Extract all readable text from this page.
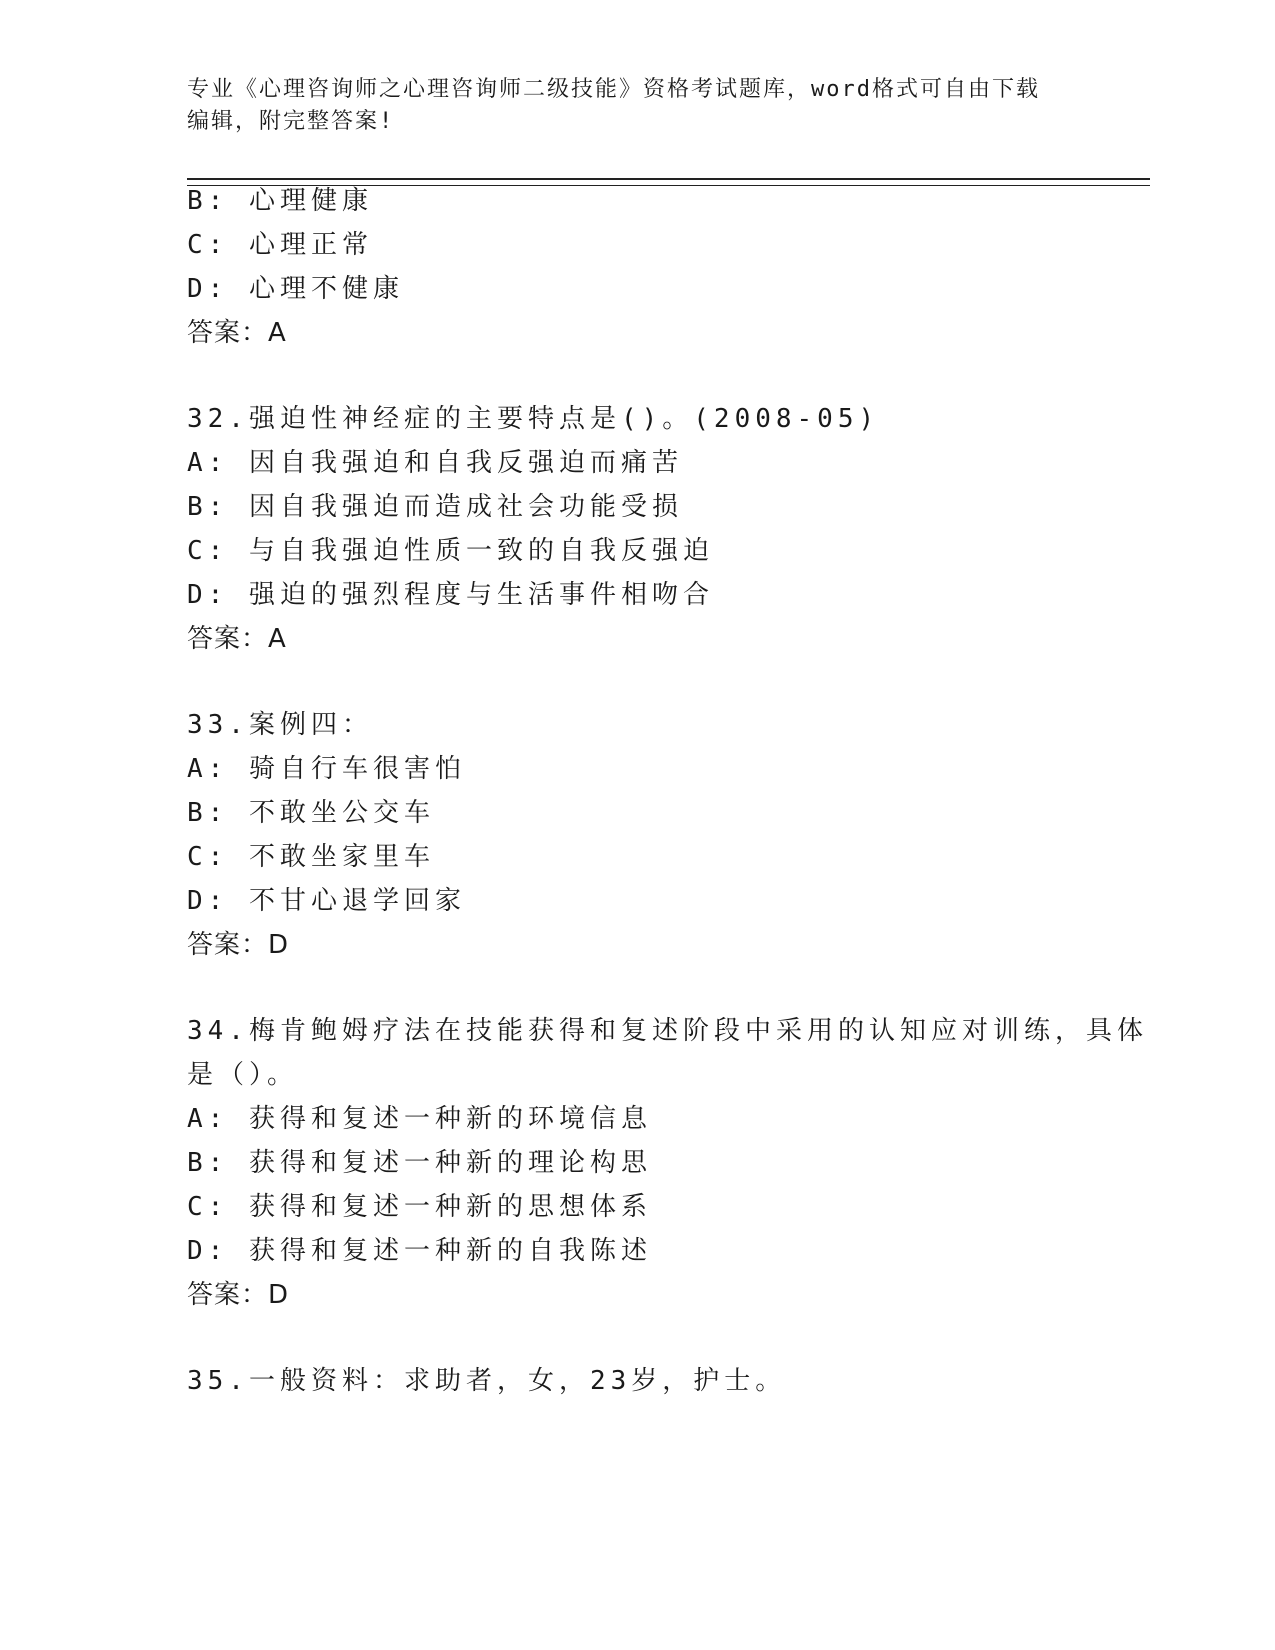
专业《心理咨询师之心理咨询师二级技能》资格考试题库，word格式可自由下载
编辑，附完整答案!
B: 心理健康
C: 心理正常
D: 心理不健康
答案：A
32.强迫性神经症的主要特点是()。(2008-05)
A: 因自我强迫和自我反强迫而痛苦
B: 因自我强迫而造成社会功能受损
C: 与自我强迫性质一致的自我反强迫
D: 强迫的强烈程度与生活事件相吻合
答案：A
33.案例四：
A: 骑自行车很害怕
B: 不敢坐公交车
C: 不敢坐家里车
D: 不甘心退学回家
答案：D
34.梅肯鲍姆疗法在技能获得和复述阶段中采用的认知应对训练，具体
是（）。
A: 获得和复述一种新的环境信息
B: 获得和复述一种新的理论构思
C: 获得和复述一种新的思想体系
D: 获得和复述一种新的自我陈述
答案：D
35.一般资料：求助者，女，23岁，护士。
